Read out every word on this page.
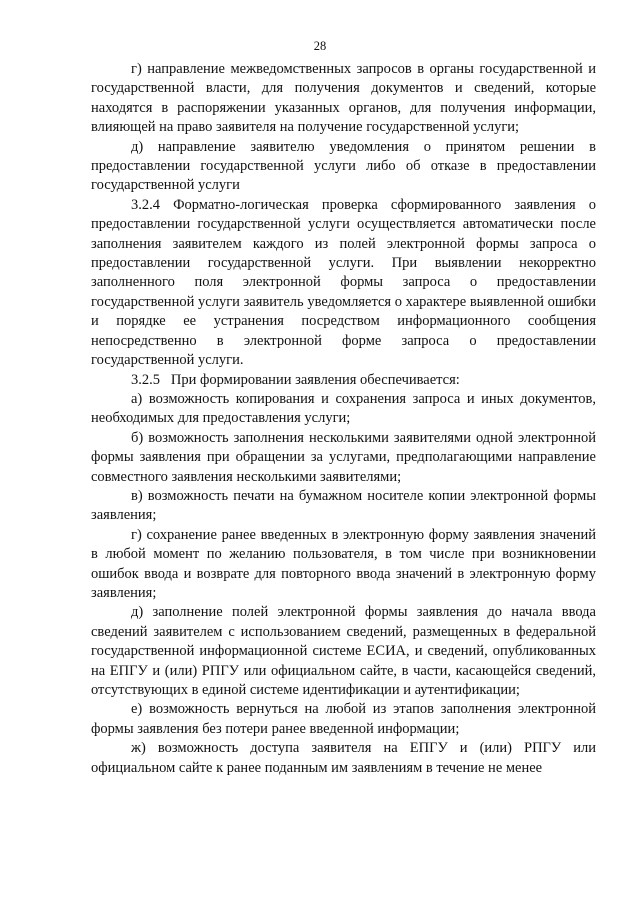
28

г) направление межведомственных запросов в органы государственной и государственной власти, для получения документов и сведений, которые находятся в распоряжении указанных органов, для получения информации, влияющей на право заявителя на получение государственной услуги;

д) направление заявителю уведомления о принятом решении в предоставлении государственной услуги либо об отказе в предоставлении государственной услуги

3.2.4 Форматно-логическая проверка сформированного заявления о предоставлении государственной услуги осуществляется автоматически после заполнения заявителем каждого из полей электронной формы запроса о предоставлении государственной услуги. При выявлении некорректно заполненного поля электронной формы запроса о предоставлении государственной услуги заявитель уведомляется о характере выявленной ошибки и порядке ее устранения посредством информационного сообщения непосредственно в электронной форме запроса о предоставлении государственной услуги.

3.2.5   При формировании заявления обеспечивается:

а) возможность копирования и сохранения запроса и иных документов, необходимых для предоставления услуги;

б) возможность заполнения несколькими заявителями одной электронной формы заявления при обращении за услугами, предполагающими направление совместного заявления несколькими заявителями;

в) возможность печати на бумажном носителе копии электронной формы заявления;

г) сохранение ранее введенных в электронную форму заявления значений в любой момент по желанию пользователя, в том числе при возникновении ошибок ввода и возврате для повторного ввода значений в электронную форму заявления;

д) заполнение полей электронной формы заявления до начала ввода сведений заявителем с использованием сведений, размещенных в федеральной государственной информационной системе ЕСИА, и сведений, опубликованных на ЕПГУ и (или) РПГУ или официальном сайте, в части, касающейся сведений, отсутствующих в единой системе идентификации и аутентификации;

е) возможность вернуться на любой из этапов заполнения электронной формы заявления без потери ранее введенной информации;

ж) возможность доступа заявителя на ЕПГУ и (или) РПГУ или официальном сайте к ранее поданным им заявлениям в течение не менее
